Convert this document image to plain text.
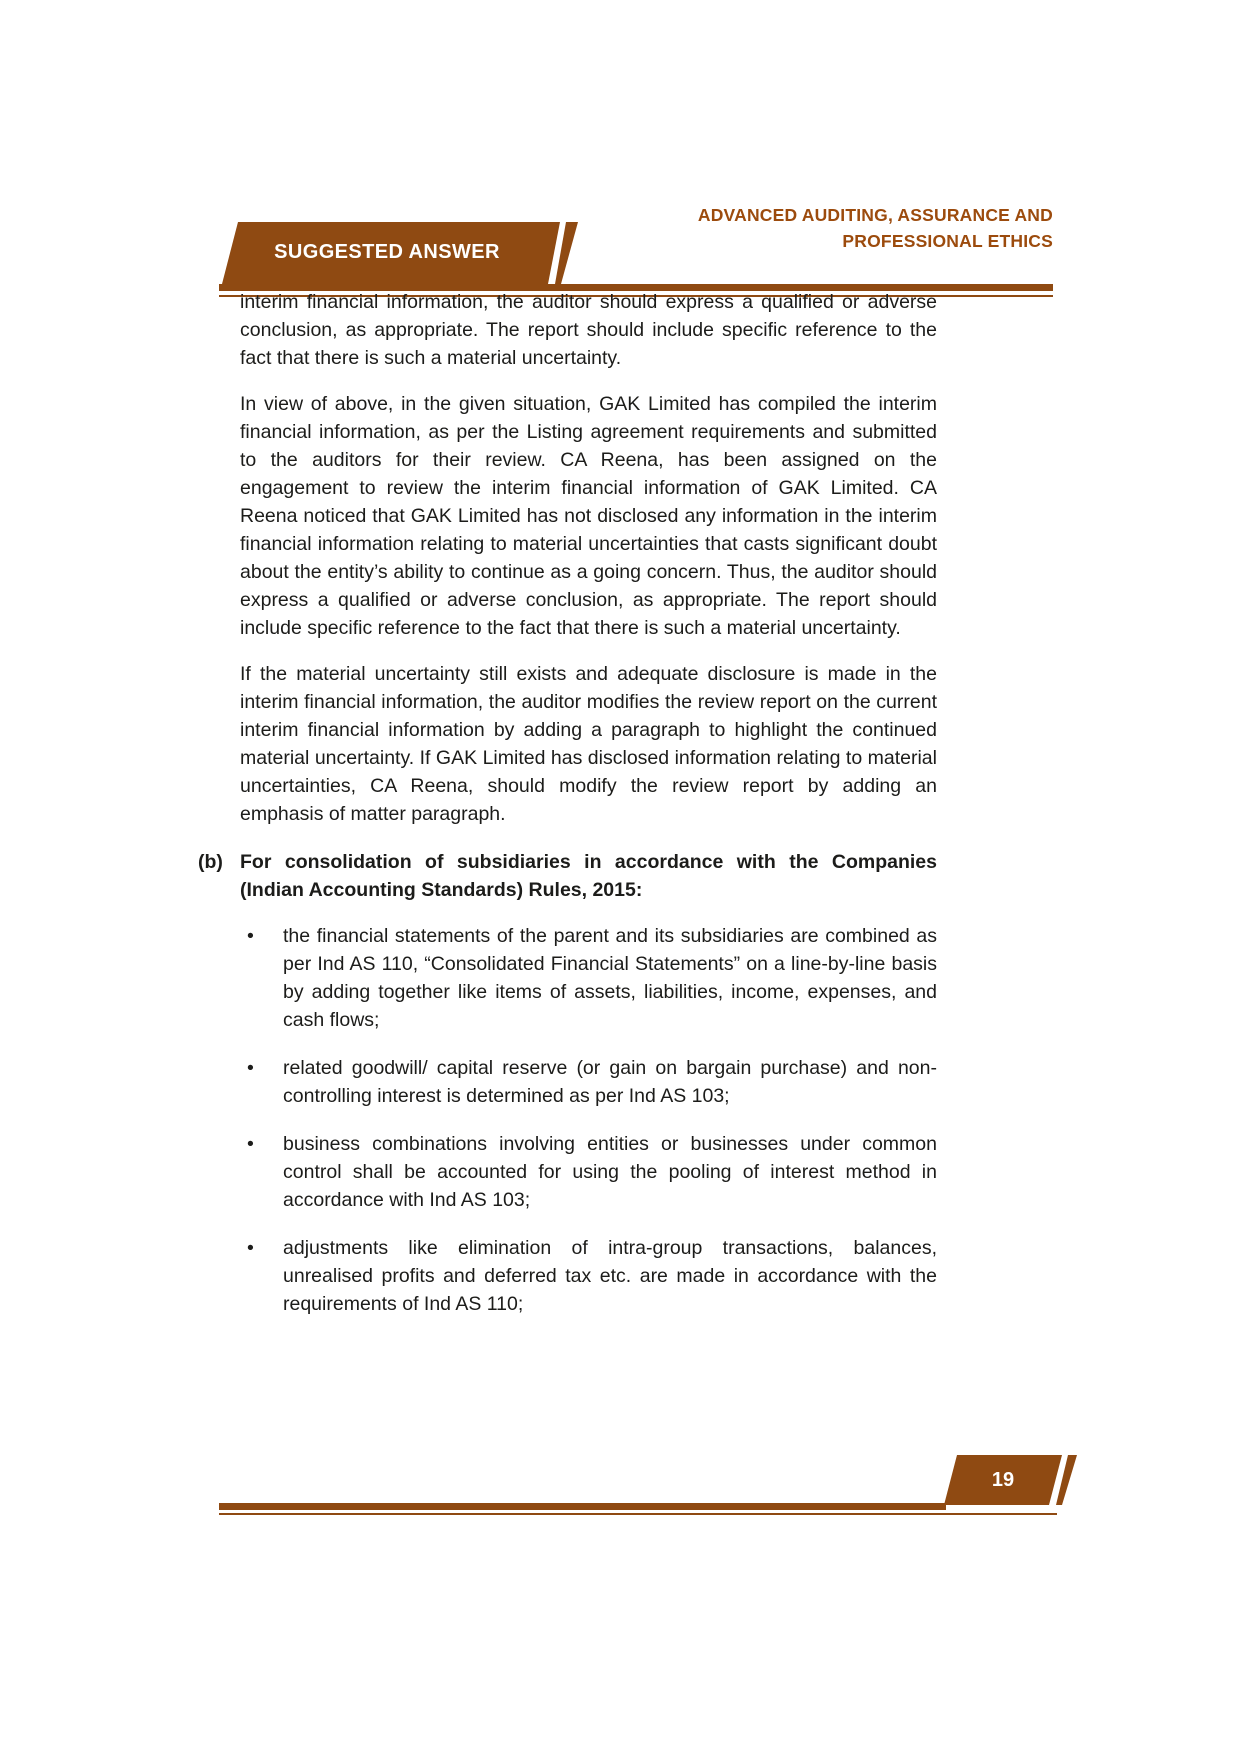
SUGGESTED ANSWER
ADVANCED AUDITING, ASSURANCE AND
PROFESSIONAL ETHICS

interim financial information, the auditor should express a qualified or adverse conclusion, as appropriate. The report should include specific reference to the fact that there is such a material uncertainty.

In view of above, in the given situation, GAK Limited has compiled the interim financial information, as per the Listing agreement requirements and submitted to the auditors for their review. CA Reena, has been assigned on the engagement to review the interim financial information of GAK Limited. CA Reena noticed that GAK Limited has not disclosed any information in the interim financial information relating to material uncertainties that casts significant doubt about the entity’s ability to continue as a going concern. Thus, the auditor should express a qualified or adverse conclusion, as appropriate. The report should include specific reference to the fact that there is such a material uncertainty.

If the material uncertainty still exists and adequate disclosure is made in the interim financial information, the auditor modifies the review report on the current interim financial information by adding a paragraph to highlight the continued material uncertainty. If GAK Limited has disclosed information relating to material uncertainties, CA Reena, should modify the review report by adding an emphasis of matter paragraph.

(b) For consolidation of subsidiaries in accordance with the Companies (Indian Accounting Standards) Rules, 2015:
•	the financial statements of the parent and its subsidiaries are combined as per Ind AS 110, “Consolidated Financial Statements” on a line-by-line basis by adding together like items of assets, liabilities, income, expenses, and cash flows;
•	related goodwill/ capital reserve (or gain on bargain purchase) and non-controlling interest is determined as per Ind AS 103;
•	business combinations involving entities or businesses under common control shall be accounted for using the pooling of interest method in accordance with Ind AS 103;
•	adjustments like elimination of intra-group transactions, balances, unrealised profits and deferred tax etc. are made in accordance with the requirements of Ind AS 110;
19
